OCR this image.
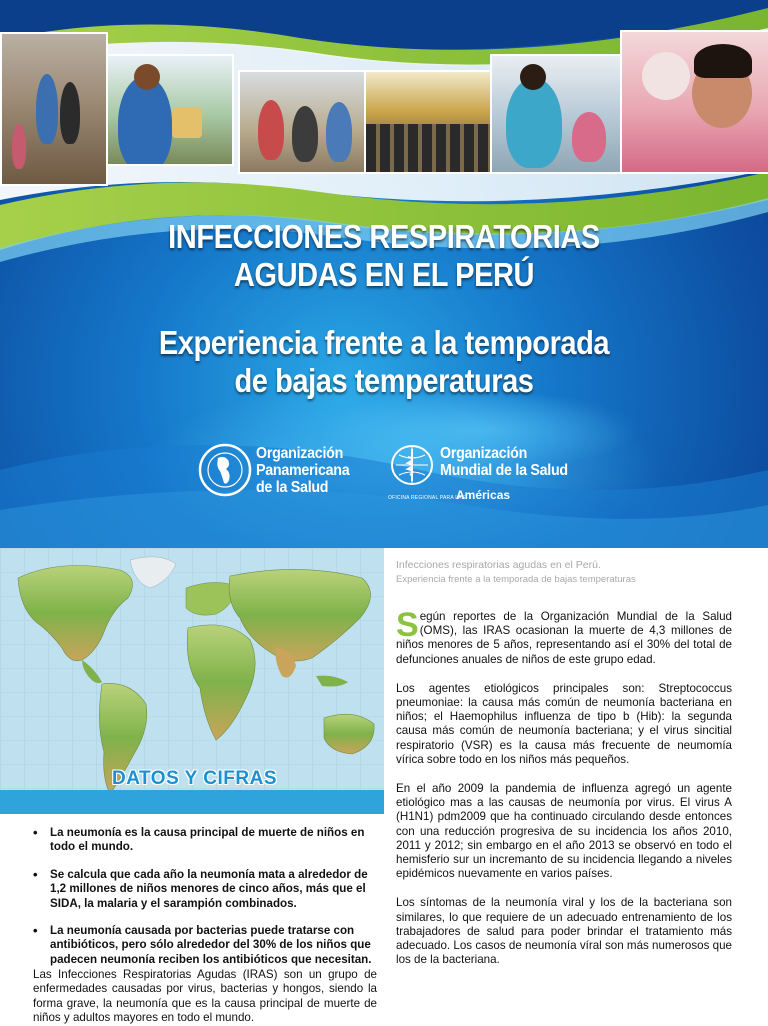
INFECCIONES RESPIRATORIAS
AGUDAS EN EL PERÚ
Experiencia frente a la temporada
de bajas temperaturas
Organización
Panamericana
de la Salud
Organización
Mundial de la Salud
OFICINA REGIONAL PARA LAS
Américas
DATOS Y CIFRAS
• La neumonía es la causa principal de muerte de niños en todo el mundo.
• Se calcula que cada año la neumonía mata a alrededor de 1,2 millones de niños menores de cinco años, más que el SIDA, la malaria y el sarampión combinados.
• La neumonía causada por bacterias puede tratarse con antibióticos, pero sólo alrededor del 30% de los niños que padecen neumonía reciben los antibióticos que necesitan.

Las Infecciones Respiratorias Agudas (IRAS) son un grupo de enfermedades causadas por virus, bacterias y hongos, siendo la forma grave, la neumonía que es la causa principal de muerte de niños y adultos mayores en todo el mundo.

Infecciones respiratorias agudas en el Perú.
Experiencia frente a la temporada de bajas temperaturas

Según reportes de la Organización Mundial de la Salud (OMS), las IRAS ocasionan la muerte de 4,3 millones de niños menores de 5 años, representando así el 30% del total de defunciones anuales de niños de este grupo edad.

Los agentes etiológicos principales son: Streptococcus pneumoniae: la causa más común de neumonía bacteriana en niños; el Haemophilus influenza de tipo b (Hib): la segunda causa más común de neumonía bacteriana; y el virus sincitial respiratorio (VSR) es la causa más frecuente de neumomía vírica sobre todo en los niños más pequeños.

En el año 2009 la pandemia de influenza agregó un agente etiológico mas a las causas de neumonía por virus. El virus A (H1N1) pdm2009 que ha continuado circulando desde entonces con una reducción progresiva de su incidencia los años 2010, 2011 y 2012; sin embargo en el año 2013 se observó en todo el hemisferio sur un incremanto de su incidencia llegando a niveles epidémicos nuevamente en varios países.

Los síntomas de la neumonía viral y los de la bacteriana son similares, lo que requiere de un adecuado entrenamiento de los trabajadores de salud para poder brindar el tratamiento más adecuado. Los casos de neumonía víral son más numerosos que los de la bacteriana.
